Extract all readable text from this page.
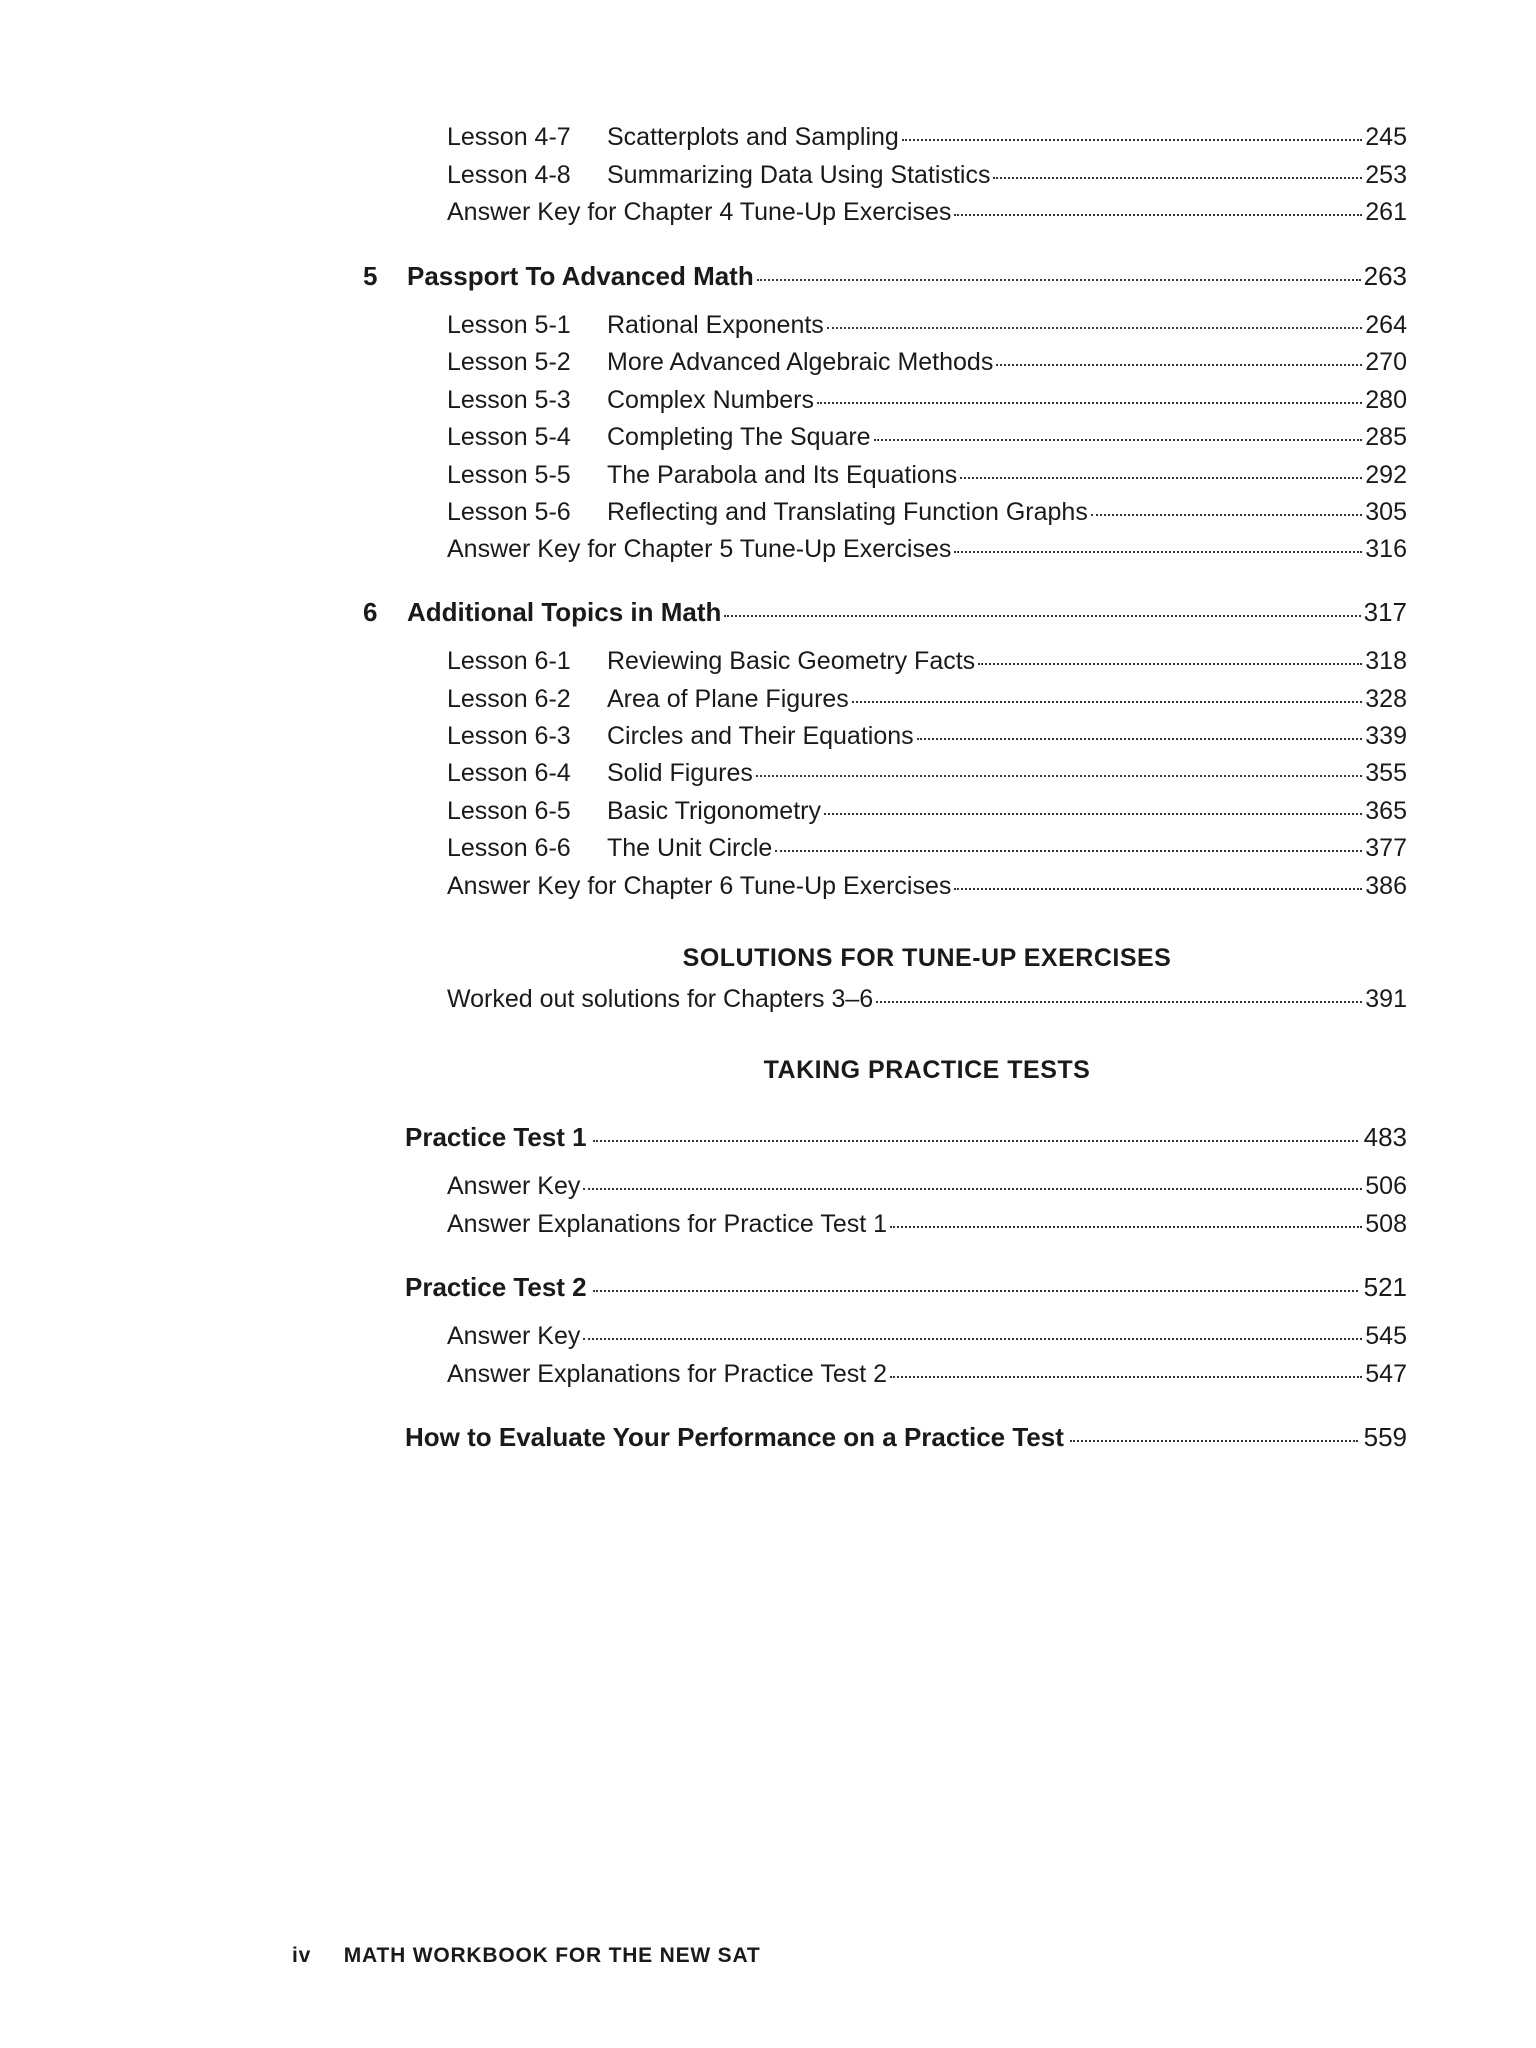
Lesson 4-7	Scatterplots and Sampling	245
Lesson 4-8	Summarizing Data Using Statistics	253
Answer Key for Chapter 4 Tune-Up Exercises	261
5	Passport To Advanced Math	263
Lesson 5-1	Rational Exponents	264
Lesson 5-2	More Advanced Algebraic Methods	270
Lesson 5-3	Complex Numbers	280
Lesson 5-4	Completing The Square	285
Lesson 5-5	The Parabola and Its Equations	292
Lesson 5-6	Reflecting and Translating Function Graphs	305
Answer Key for Chapter 5 Tune-Up Exercises	316
6	Additional Topics in Math	317
Lesson 6-1	Reviewing Basic Geometry Facts	318
Lesson 6-2	Area of Plane Figures	328
Lesson 6-3	Circles and Their Equations	339
Lesson 6-4	Solid Figures	355
Lesson 6-5	Basic Trigonometry	365
Lesson 6-6	The Unit Circle	377
Answer Key for Chapter 6 Tune-Up Exercises	386
SOLUTIONS FOR TUNE-UP EXERCISES
Worked out solutions for Chapters 3–6	391
TAKING PRACTICE TESTS
Practice Test 1	483
Answer Key	506
Answer Explanations for Practice Test 1	508
Practice Test 2	521
Answer Key	545
Answer Explanations for Practice Test 2	547
How to Evaluate Your Performance on a Practice Test	559
iv MATH WORKBOOK FOR THE NEW SAT
